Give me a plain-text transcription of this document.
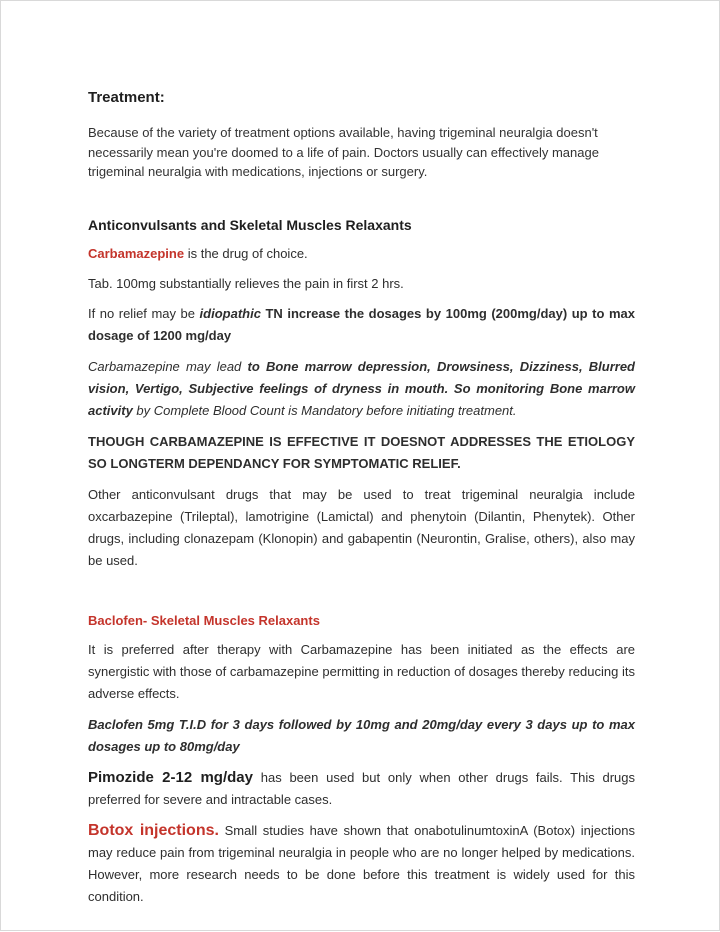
Treatment:

Because of the variety of treatment options available, having trigeminal neuralgia doesn't necessarily mean you're doomed to a life of pain. Doctors usually can effectively manage trigeminal neuralgia with medications, injections or surgery.

Anticonvulsants and Skeletal Muscles Relaxants

Carbamazepine is the drug of choice.

Tab. 100mg substantially relieves the pain in first 2 hrs.

If no relief may be idiopathic TN increase the dosages by 100mg (200mg/day) up to max dosage of 1200 mg/day

Carbamazepine may lead to Bone marrow depression, Drowsiness, Dizziness, Blurred vision, Vertigo, Subjective feelings of dryness in mouth. So monitoring Bone marrow activity by Complete Blood Count is Mandatory before initiating treatment.

THOUGH CARBAMAZEPINE IS EFFECTIVE IT DOESNOT ADDRESSES THE ETIOLOGY SO LONGTERM DEPENDANCY FOR SYMPTOMATIC RELIEF.

Other anticonvulsant drugs that may be used to treat trigeminal neuralgia include oxcarbazepine (Trileptal), lamotrigine (Lamictal) and phenytoin (Dilantin, Phenytek). Other drugs, including clonazepam (Klonopin) and gabapentin (Neurontin, Gralise, others), also may be used.

Baclofen- Skeletal Muscles Relaxants

It is preferred after therapy with Carbamazepine has been initiated as the effects are synergistic with those of carbamazepine permitting in reduction of dosages thereby reducing its adverse effects.

Baclofen 5mg T.I.D for 3 days followed by 10mg and 20mg/day every 3 days up to max dosages up to 80mg/day

Pimozide 2-12 mg/day has been used but only when other drugs fails. This drugs preferred for severe and intractable cases.

Botox injections. Small studies have shown that onabotulinumtoxinA (Botox) injections may reduce pain from trigeminal neuralgia in people who are no longer helped by medications. However, more research needs to be done before this treatment is widely used for this condition.
